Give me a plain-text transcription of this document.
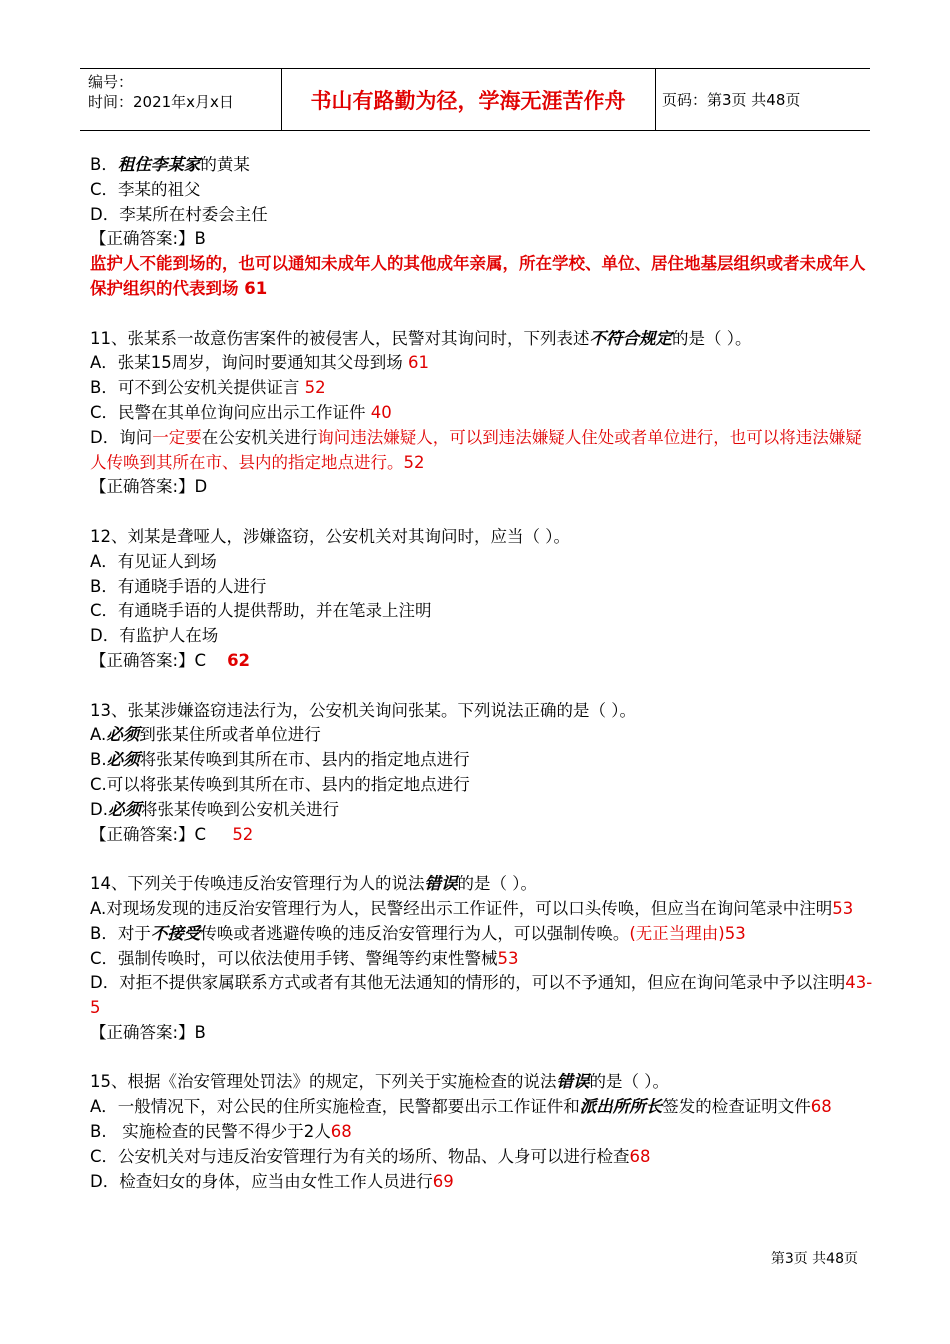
编号：
时间：2021年x月x日	书山有路勤为径，学海无涯苦作舟	页码：第3页 共48页

B．租住李某家的黄某

C．李某的祖父

D．李某所在村委会主任

【正确答案:】B

监护人不能到场的，也可以通知未成年人的其他成年亲属，所在学校、单位、居住地基层组织或者未成年人保护组织的代表到场 61

11、张某系一故意伤害案件的被侵害人，民警对其询问时，下列表述不符合规定的是（ ）。

A．张某15周岁，询问时要通知其父母到场 61

B．可不到公安机关提供证言 52

C．民警在其单位询问应出示工作证件 40

D．询问一定要在公安机关进行询问违法嫌疑人，可以到违法嫌疑人住处或者单位进行，也可以将违法嫌疑人传唤到其所在市、县内的指定地点进行。52

【正确答案:】D

12、刘某是聋哑人，涉嫌盗窃，公安机关对其询问时，应当（ ）。

A．有见证人到场

B．有通晓手语的人进行

C．有通晓手语的人提供帮助，并在笔录上注明

D．有监护人在场

【正确答案:】C    62

13、张某涉嫌盗窃违法行为，公安机关询问张某。下列说法正确的是（ ）。

A.必须到张某住所或者单位进行

B.必须将张某传唤到其所在市、县内的指定地点进行

C.可以将张某传唤到其所在市、县内的指定地点进行

D.必须将张某传唤到公安机关进行

【正确答案:】C     52

14、下列关于传唤违反治安管理行为人的说法错误的是（ ）。

A.对现场发现的违反治安管理行为人，民警经出示工作证件，可以口头传唤，但应当在询问笔录中注明53

B．对于不接受传唤或者逃避传唤的违反治安管理行为人，可以强制传唤。(无正当理由)53

C．强制传唤时，可以依法使用手铐、警绳等约束性警械53

D．对拒不提供家属联系方式或者有其他无法通知的情形的，可以不予通知，但应在询问笔录中予以注明43-5

【正确答案:】B

15、根据《治安管理处罚法》的规定，下列关于实施检查的说法错误的是（ ）。

A．一般情况下，对公民的住所实施检查，民警都要出示工作证件和派出所所长签发的检查证明文件68

B.   实施检查的民警不得少于2人68

C．公安机关对与违反治安管理行为有关的场所、物品、人身可以进行检查68

D．检查妇女的身体，应当由女性工作人员进行69

第3页 共48页
